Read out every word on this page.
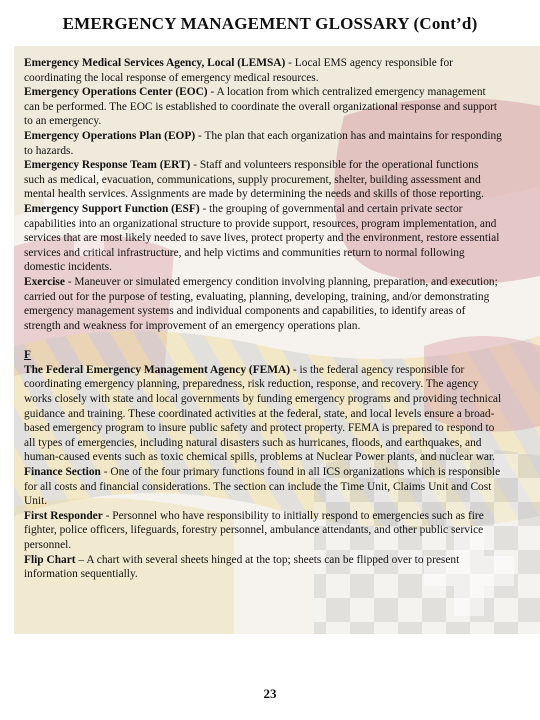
EMERGENCY MANAGEMENT GLOSSARY (Cont’d)

Emergency Medical Services Agency, Local (LEMSA) - Local EMS agency responsible for coordinating the local response of emergency medical resources.

Emergency Operations Center (EOC) - A location from which centralized emergency management can be performed. The EOC is established to coordinate the overall organizational response and support to an emergency.

Emergency Operations Plan (EOP) - The plan that each organization has and maintains for responding to hazards.

Emergency Response Team (ERT) - Staff and volunteers responsible for the operational functions such as medical, evacuation, communications, supply procurement, shelter, building assessment and mental health services. Assignments are made by determining the needs and skills of those reporting.

Emergency Support Function (ESF) - the grouping of governmental and certain private sector capabilities into an organizational structure to provide support, resources, program implementation, and services that are most likely needed to save lives, protect property and the environment, restore essential services and critical infrastructure, and help victims and communities return to normal following domestic incidents.

Exercise - Maneuver or simulated emergency condition involving planning, preparation, and execution; carried out for the purpose of testing, evaluating, planning, developing, training, and/or demonstrating emergency management systems and individual components and capabilities, to identify areas of strength and weakness for improvement of an emergency operations plan.

F

The Federal Emergency Management Agency (FEMA) - is the federal agency responsible for coordinating emergency planning, preparedness, risk reduction, response, and recovery. The agency works closely with state and local governments by funding emergency programs and providing technical guidance and training. These coordinated activities at the federal, state, and local levels ensure a broad-based emergency program to insure public safety and protect property. FEMA is prepared to respond to all types of emergencies, including natural disasters such as hurricanes, floods, and earthquakes, and human-caused events such as toxic chemical spills, problems at Nuclear Power plants, and nuclear war.

Finance Section - One of the four primary functions found in all ICS organizations which is responsible for all costs and financial considerations. The section can include the Time Unit, Claims Unit and Cost Unit.

First Responder - Personnel who have responsibility to initially respond to emergencies such as fire fighter, police officers, lifeguards, forestry personnel, ambulance attendants, and other public service personnel.

Flip Chart – A chart with several sheets hinged at the top; sheets can be flipped over to present information sequentially.

23
